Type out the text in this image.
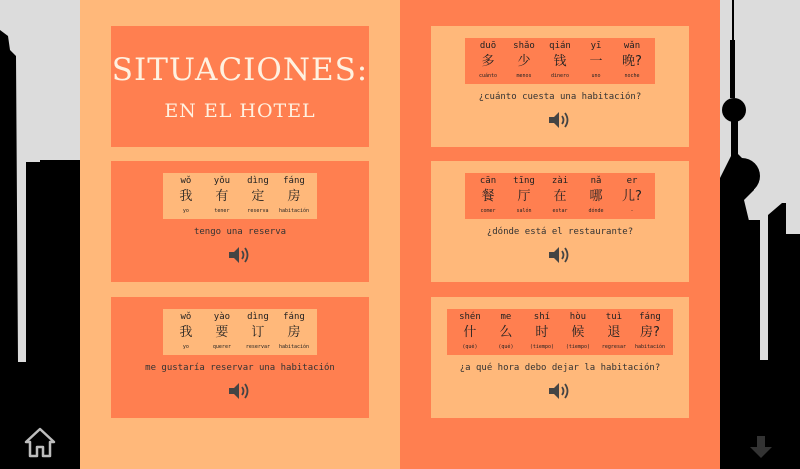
SITUACIONES:
EN EL HOTEL
wǒ
我
yo
yǒu
有
tener
dìng
定
reserva
fáng
房
habitación
tengo una reserva
wǒ
我
yo
yào
要
querer
dìng
订
reservar
fáng
房
habitación
me gustaría reservar una habitación
duō
多
cuánto
shǎo
少
menos
qián
钱
dinero
yī
一
uno
wǎn
晚?
noche
¿cuánto cuesta una habitación?
cān
餐
comer
tīng
厅
salón
zài
在
estar
nǎ
哪
dónde
er
儿?
-
¿dónde está el restaurante?
shén
什
(qué)
me
么
(qué)
shí
时
(tiempo)
hòu
候
(tiempo)
tuì
退
regresar
fáng
房?
habitación
¿a qué hora debo dejar la habitación?
